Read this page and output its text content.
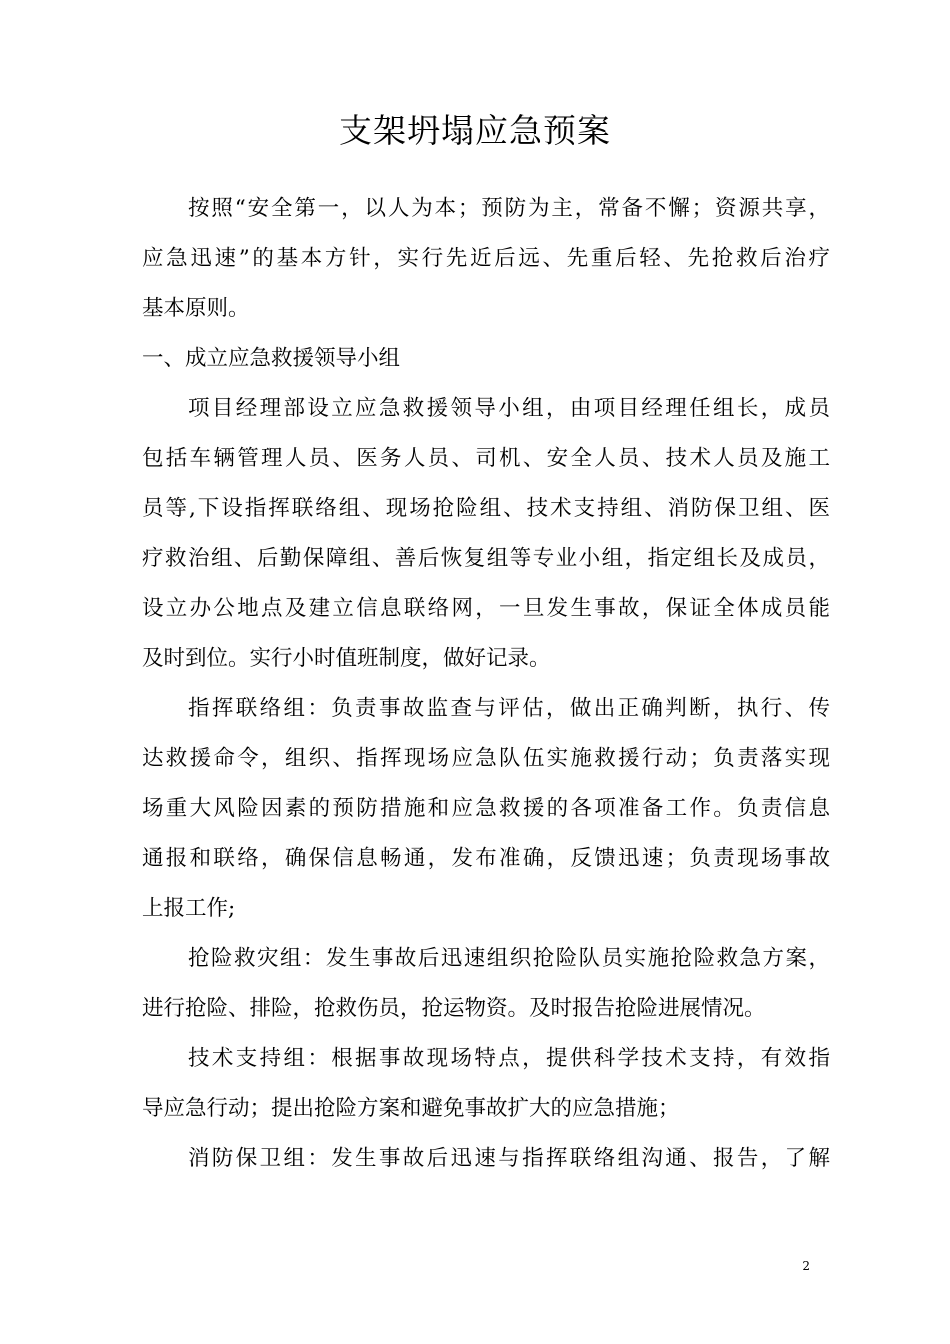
支架坍塌应急预案
按照“安全第一，以人为本；预防为主，常备不懈；资源共享，
应急迅速”的基本方针，实行先近后远、先重后轻、先抢救后治疗
基本原则。
一、成立应急救援领导小组
项目经理部设立应急救援领导小组，由项目经理任组长，成员
包括车辆管理人员、医务人员、司机、安全人员、技术人员及施工
员等,下设指挥联络组、现场抢险组、技术支持组、消防保卫组、医
疗救治组、后勤保障组、善后恢复组等专业小组，指定组长及成员，
设立办公地点及建立信息联络网，一旦发生事故，保证全体成员能
及时到位。实行小时值班制度，做好记录。
指挥联络组：负责事故监查与评估，做出正确判断，执行、传
达救援命令，组织、指挥现场应急队伍实施救援行动；负责落实现
场重大风险因素的预防措施和应急救援的各项准备工作。负责信息
通报和联络，确保信息畅通，发布准确，反馈迅速；负责现场事故
上报工作;
抢险救灾组：发生事故后迅速组织抢险队员实施抢险救急方案，
进行抢险、排险，抢救伤员，抢运物资。及时报告抢险进展情况。
技术支持组：根据事故现场特点，提供科学技术支持，有效指
导应急行动；提出抢险方案和避免事故扩大的应急措施；
消防保卫组：发生事故后迅速与指挥联络组沟通、报告，了解
2
